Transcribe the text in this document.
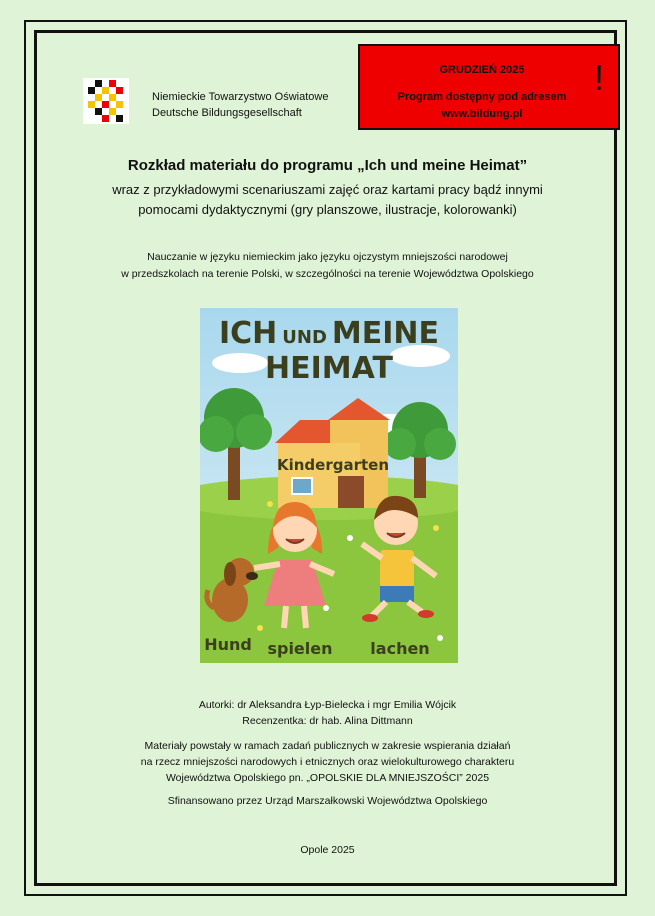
Niemieckie Towarzystwo Oświatowe
Deutsche Bildungsgesellschaft
GRUDZIEŃ 2025
Program dostępny pod adresem
www.bildung.pl
!
Rozkład materiału do programu „Ich und meine Heimat”
wraz z przykładowymi scenariuszami zajęć oraz kartami pracy bądź innymi
pomocami dydaktycznymi (gry planszowe, ilustracje, kolorowanki)
Nauczanie w języku niemieckim jako języku ojczystym mniejszości narodowej
w przedszkolach na terenie Polski, w szczególności na terenie Województwa Opolskiego
ICH UND MEINE
HEIMAT
Kindergarten
Hund spielen lachen
Autorki: dr Aleksandra Łyp-Bielecka i mgr Emilia Wójcik
Recenzentka: dr hab. Alina Dittmann
Materiały powstały w ramach zadań publicznych w zakresie wspierania działań
na rzecz mniejszości narodowych i etnicznych oraz wielokulturowego charakteru
Województwa Opolskiego pn. „OPOLSKIE DLA MNIEJSZOŚCI” 2025
Sfinansowano przez Urząd Marszałkowski Województwa Opolskiego
Opole 2025
